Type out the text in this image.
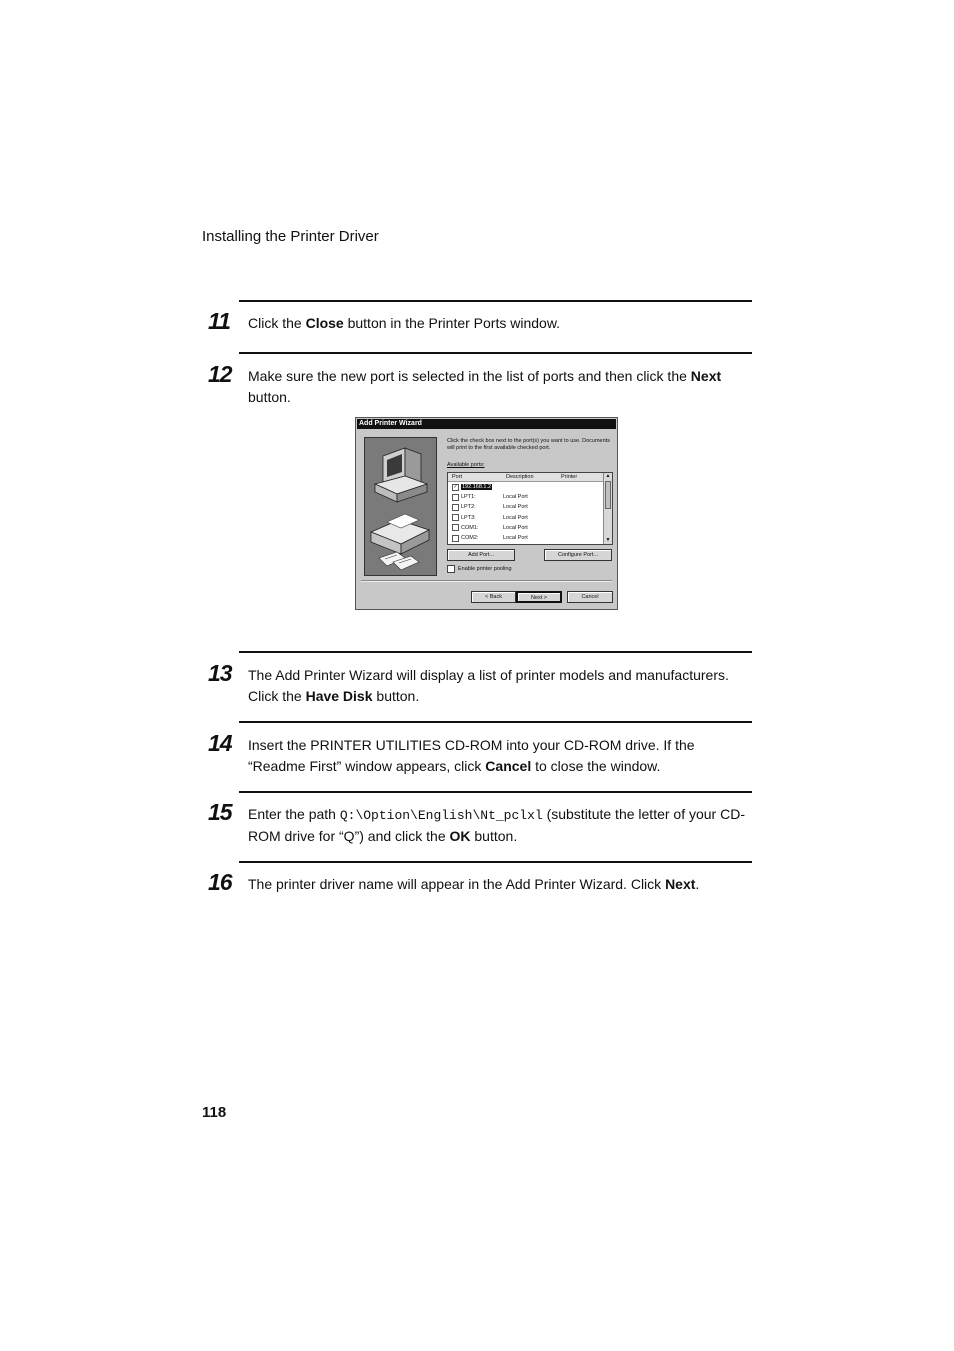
Installing the Printer Driver
11 Click the Close button in the Printer Ports window.
12 Make sure the new port is selected in the list of ports and then click the Next button.
Add Printer Wizard
Click the check box next to the port(s) you want to use. Documents will print to the first available checked port.
Available ports:
Port	Description	Printer
✓ 192.168.1.2
LPT1:	Local Port
LPT2:	Local Port
LPT3:	Local Port
COM1:	Local Port
COM2:	Local Port
▲
▼
Add Port...	Configure Port...
Enable printer pooling
< Back	Next >	Cancel
13 The Add Printer Wizard will display a list of printer models and manufacturers. Click the Have Disk button.
14 Insert the PRINTER UTILITIES CD-ROM into your CD-ROM drive. If the “Readme First” window appears, click Cancel to close the window.
15 Enter the path Q:\Option\English\Nt_pclxl (substitute the letter of your CD-ROM drive for “Q”) and click the OK button.
16 The printer driver name will appear in the Add Printer Wizard. Click Next.
118
